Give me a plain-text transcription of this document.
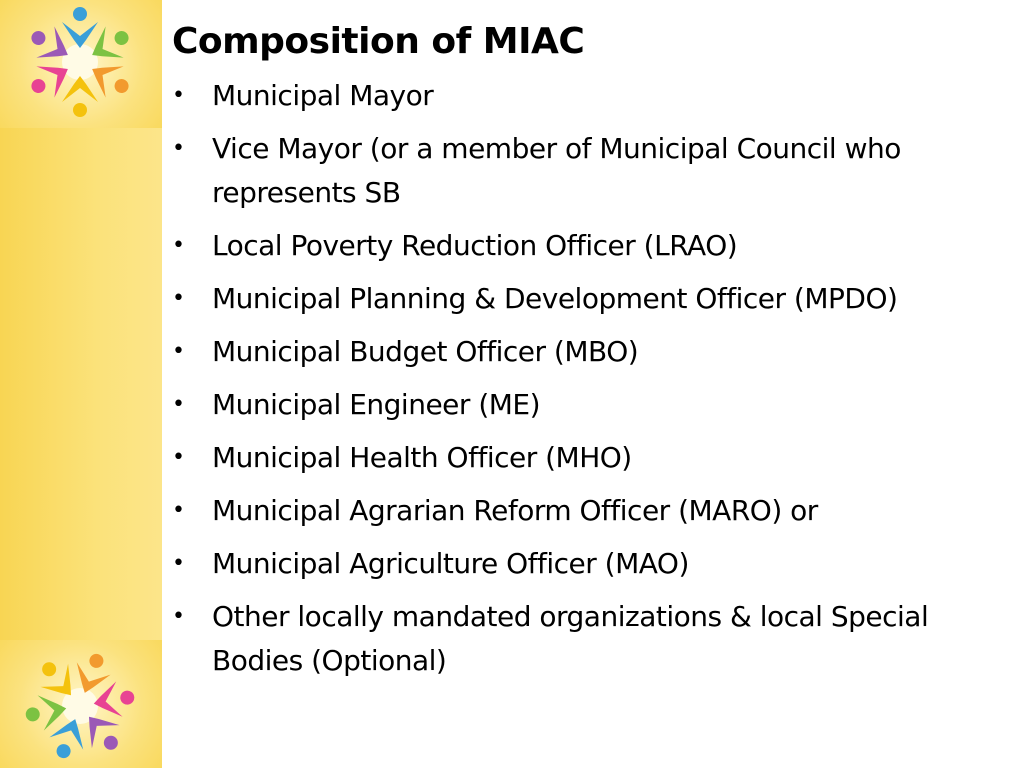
Composition of MIAC
• Municipal Mayor
• Vice Mayor (or a member of Municipal Council who represents SB
• Local Poverty Reduction Officer (LRAO)
• Municipal Planning & Development Officer (MPDO)
• Municipal Budget Officer (MBO)
• Municipal Engineer (ME)
• Municipal Health Officer (MHO)
• Municipal Agrarian Reform Officer (MARO) or
• Municipal Agriculture Officer (MAO)
• Other locally mandated organizations & local Special Bodies (Optional)
